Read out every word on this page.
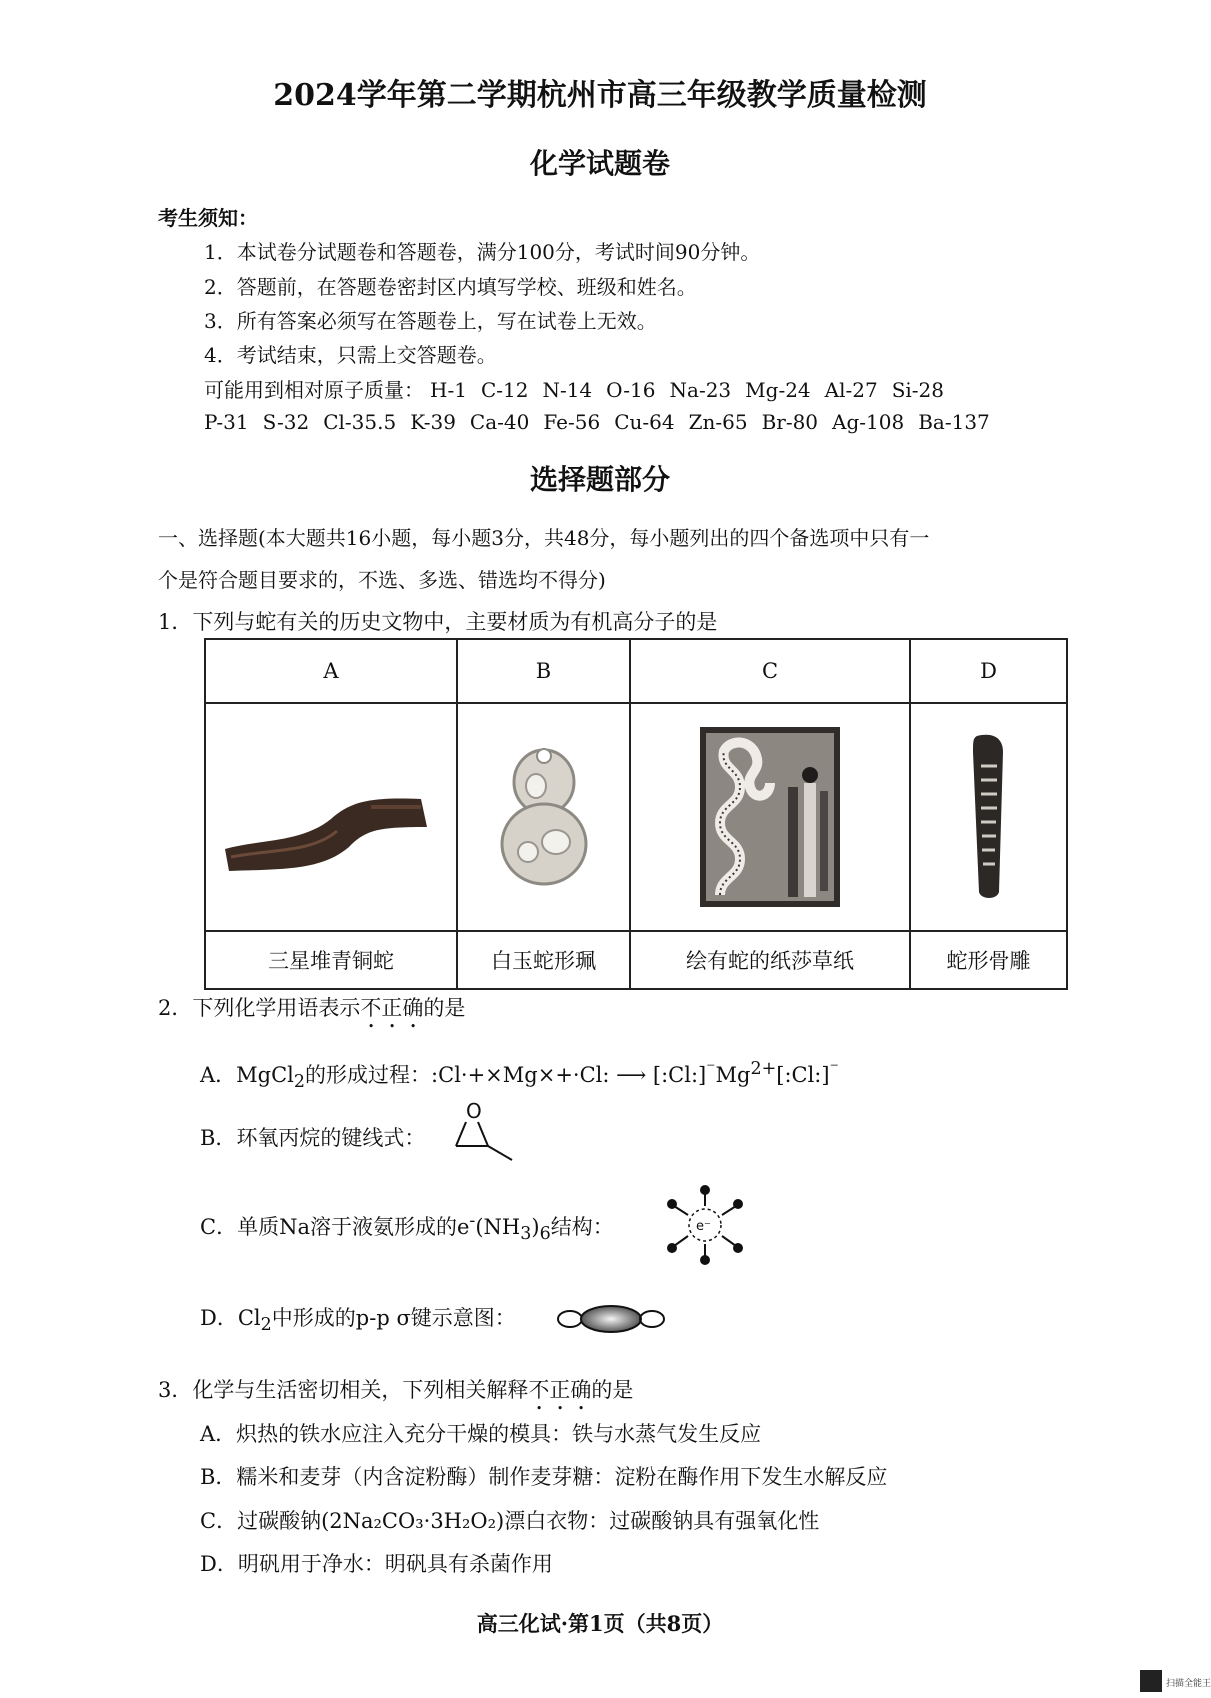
2024学年第二学期杭州市高三年级教学质量检测
化学试题卷
考生须知：
1．本试卷分试题卷和答题卷，满分100分，考试时间90分钟。
2．答题前，在答题卷密封区内填写学校、班级和姓名。
3．所有答案必须写在答题卷上，写在试卷上无效。
4．考试结束，只需上交答题卷。
可能用到相对原子质量： H-1 C-12 N-14 O-16 Na-23 Mg-24 Al-27 Si-28
P-31 S-32 Cl-35.5 K-39 Ca-40 Fe-56 Cu-64 Zn-65 Br-80 Ag-108 Ba-137
选择题部分
一、选择题(本大题共16小题，每小题3分，共48分，每小题列出的四个备选项中只有一
个是符合题目要求的，不选、多选、错选均不得分)
1．下列与蛇有关的历史文物中，主要材质为有机高分子的是
A	B	C	D

三星堆青铜蛇	白玉蛇形珮	绘有蛇的纸莎草纸	蛇形骨雕
2．下列化学用语表示不正确的是
A．MgCl$_2$的形成过程：:Cl·+×Mg×+·Cl: ⟶ $[:Cl:]^{^-}Mg^{2+}[:Cl:]^{^-}$
B．环氧丙烷的键线式：
O
C．单质Na溶于液氨形成的$e^-(NH_3)_6$结构：	e⁻
D．$Cl_2$中形成的p-p σ键示意图：
3．化学与生活密切相关，下列相关解释不正确的是
A．炽热的铁水应注入充分干燥的模具：铁与水蒸气发生反应
B．糯米和麦芽（内含淀粉酶）制作麦芽糖：淀粉在酶作用下发生水解反应
C．过碳酸钠(2Na₂CO₃·3H₂O₂)漂白衣物：过碳酸钠具有强氧化性
D．明矾用于净水：明矾具有杀菌作用
高三化试·第1页（共8页）
扫描全能王
